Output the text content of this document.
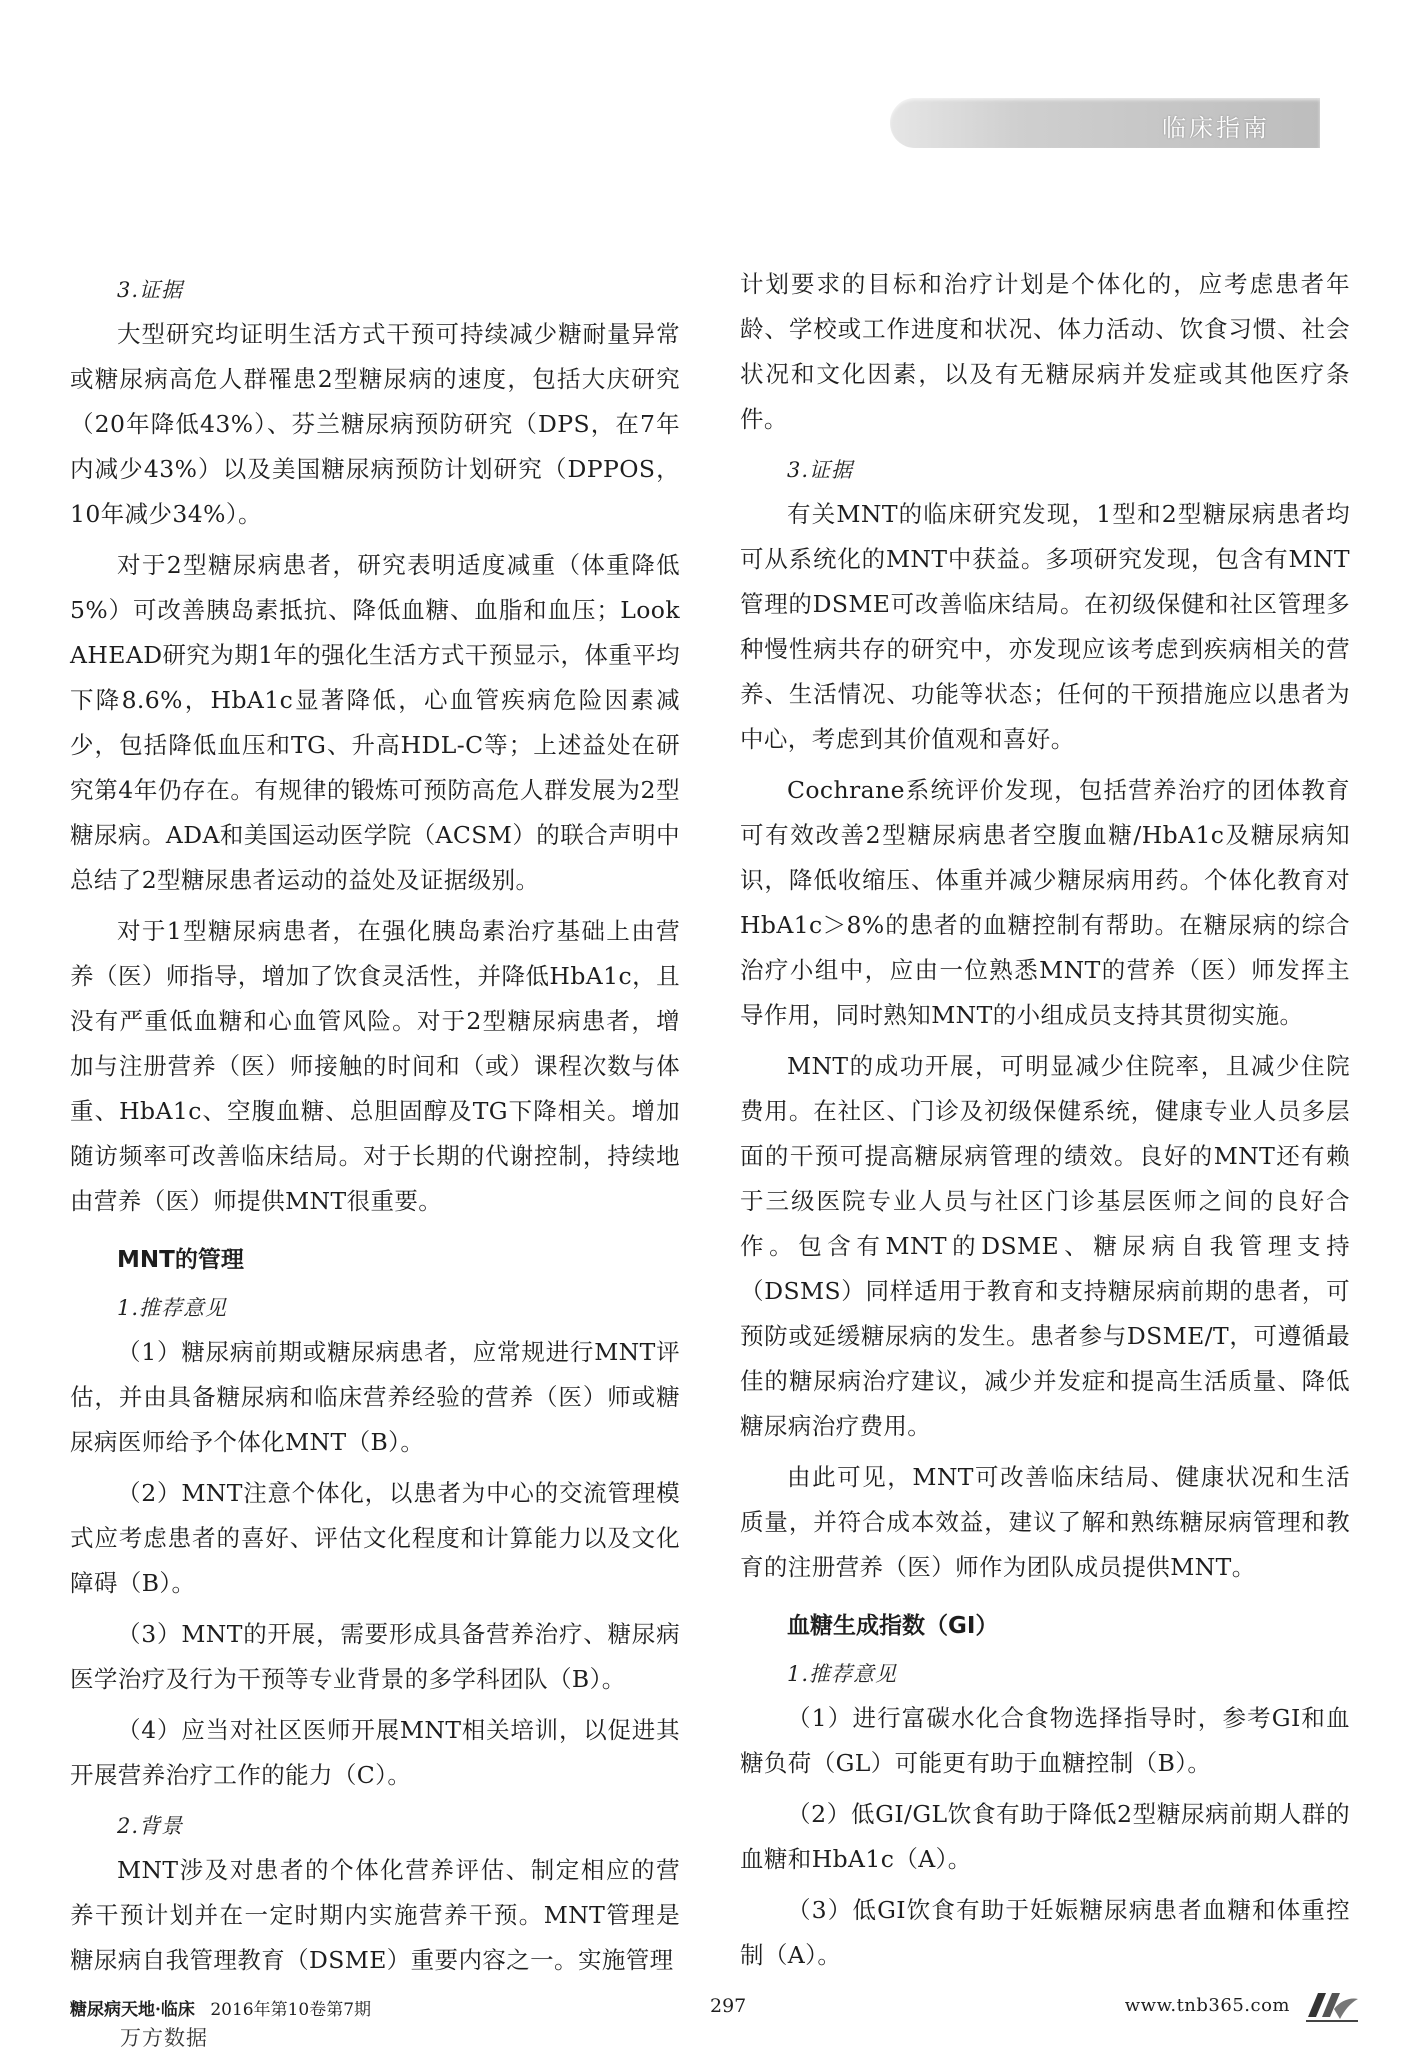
临床指南

3.证据

大型研究均证明生活方式干预可持续减少糖耐量异常或糖尿病高危人群罹患2型糖尿病的速度，包括大庆研究（20年降低43%）、芬兰糖尿病预防研究（DPS，在7年内减少43%）以及美国糖尿病预防计划研究（DPPOS，10年减少34%）。

对于2型糖尿病患者，研究表明适度减重（体重降低5%）可改善胰岛素抵抗、降低血糖、血脂和血压；Look AHEAD研究为期1年的强化生活方式干预显示，体重平均下降8.6%，HbA1c显著降低，心血管疾病危险因素减少，包括降低血压和TG、升高HDL-C等；上述益处在研究第4年仍存在。有规律的锻炼可预防高危人群发展为2型糖尿病。ADA和美国运动医学院（ACSM）的联合声明中总结了2型糖尿患者运动的益处及证据级别。

对于1型糖尿病患者，在强化胰岛素治疗基础上由营养（医）师指导，增加了饮食灵活性，并降低HbA1c，且没有严重低血糖和心血管风险。对于2型糖尿病患者，增加与注册营养（医）师接触的时间和（或）课程次数与体重、HbA1c、空腹血糖、总胆固醇及TG下降相关。增加随访频率可改善临床结局。对于长期的代谢控制，持续地由营养（医）师提供MNT很重要。

MNT的管理

1.推荐意见

（1）糖尿病前期或糖尿病患者，应常规进行MNT评估，并由具备糖尿病和临床营养经验的营养（医）师或糖尿病医师给予个体化MNT（B）。

（2）MNT注意个体化，以患者为中心的交流管理模式应考虑患者的喜好、评估文化程度和计算能力以及文化障碍（B）。

（3）MNT的开展，需要形成具备营养治疗、糖尿病医学治疗及行为干预等专业背景的多学科团队（B）。

（4）应当对社区医师开展MNT相关培训，以促进其开展营养治疗工作的能力（C）。

2.背景

MNT涉及对患者的个体化营养评估、制定相应的营养干预计划并在一定时期内实施营养干预。MNT管理是糖尿病自我管理教育（DSME）重要内容之一。实施管理

计划要求的目标和治疗计划是个体化的，应考虑患者年龄、学校或工作进度和状况、体力活动、饮食习惯、社会状况和文化因素，以及有无糖尿病并发症或其他医疗条件。

3.证据

有关MNT的临床研究发现，1型和2型糖尿病患者均可从系统化的MNT中获益。多项研究发现，包含有MNT管理的DSME可改善临床结局。在初级保健和社区管理多种慢性病共存的研究中，亦发现应该考虑到疾病相关的营养、生活情况、功能等状态；任何的干预措施应以患者为中心，考虑到其价值观和喜好。

Cochrane系统评价发现，包括营养治疗的团体教育可有效改善2型糖尿病患者空腹血糖/HbA1c及糖尿病知识，降低收缩压、体重并减少糖尿病用药。个体化教育对HbA1c＞8%的患者的血糖控制有帮助。在糖尿病的综合治疗小组中，应由一位熟悉MNT的营养（医）师发挥主导作用，同时熟知MNT的小组成员支持其贯彻实施。

MNT的成功开展，可明显减少住院率，且减少住院费用。在社区、门诊及初级保健系统，健康专业人员多层面的干预可提高糖尿病管理的绩效。良好的MNT还有赖于三级医院专业人员与社区门诊基层医师之间的良好合作。包含有MNT的DSME、糖尿病自我管理支持（DSMS）同样适用于教育和支持糖尿病前期的患者，可预防或延缓糖尿病的发生。患者参与DSME/T，可遵循最佳的糖尿病治疗建议，减少并发症和提高生活质量、降低糖尿病治疗费用。

由此可见，MNT可改善临床结局、健康状况和生活质量，并符合成本效益，建议了解和熟练糖尿病管理和教育的注册营养（医）师作为团队成员提供MNT。

血糖生成指数（GI）

1.推荐意见

（1）进行富碳水化合食物选择指导时，参考GI和血糖负荷（GL）可能更有助于血糖控制（B）。

（2）低GI/GL饮食有助于降低2型糖尿病前期人群的血糖和HbA1c（A）。

（3）低GI饮食有助于妊娠糖尿病患者血糖和体重控制（A）。

糖尿病天地·临床 2016年第10卷第7期	297	www.tnb365.com
万方数据
